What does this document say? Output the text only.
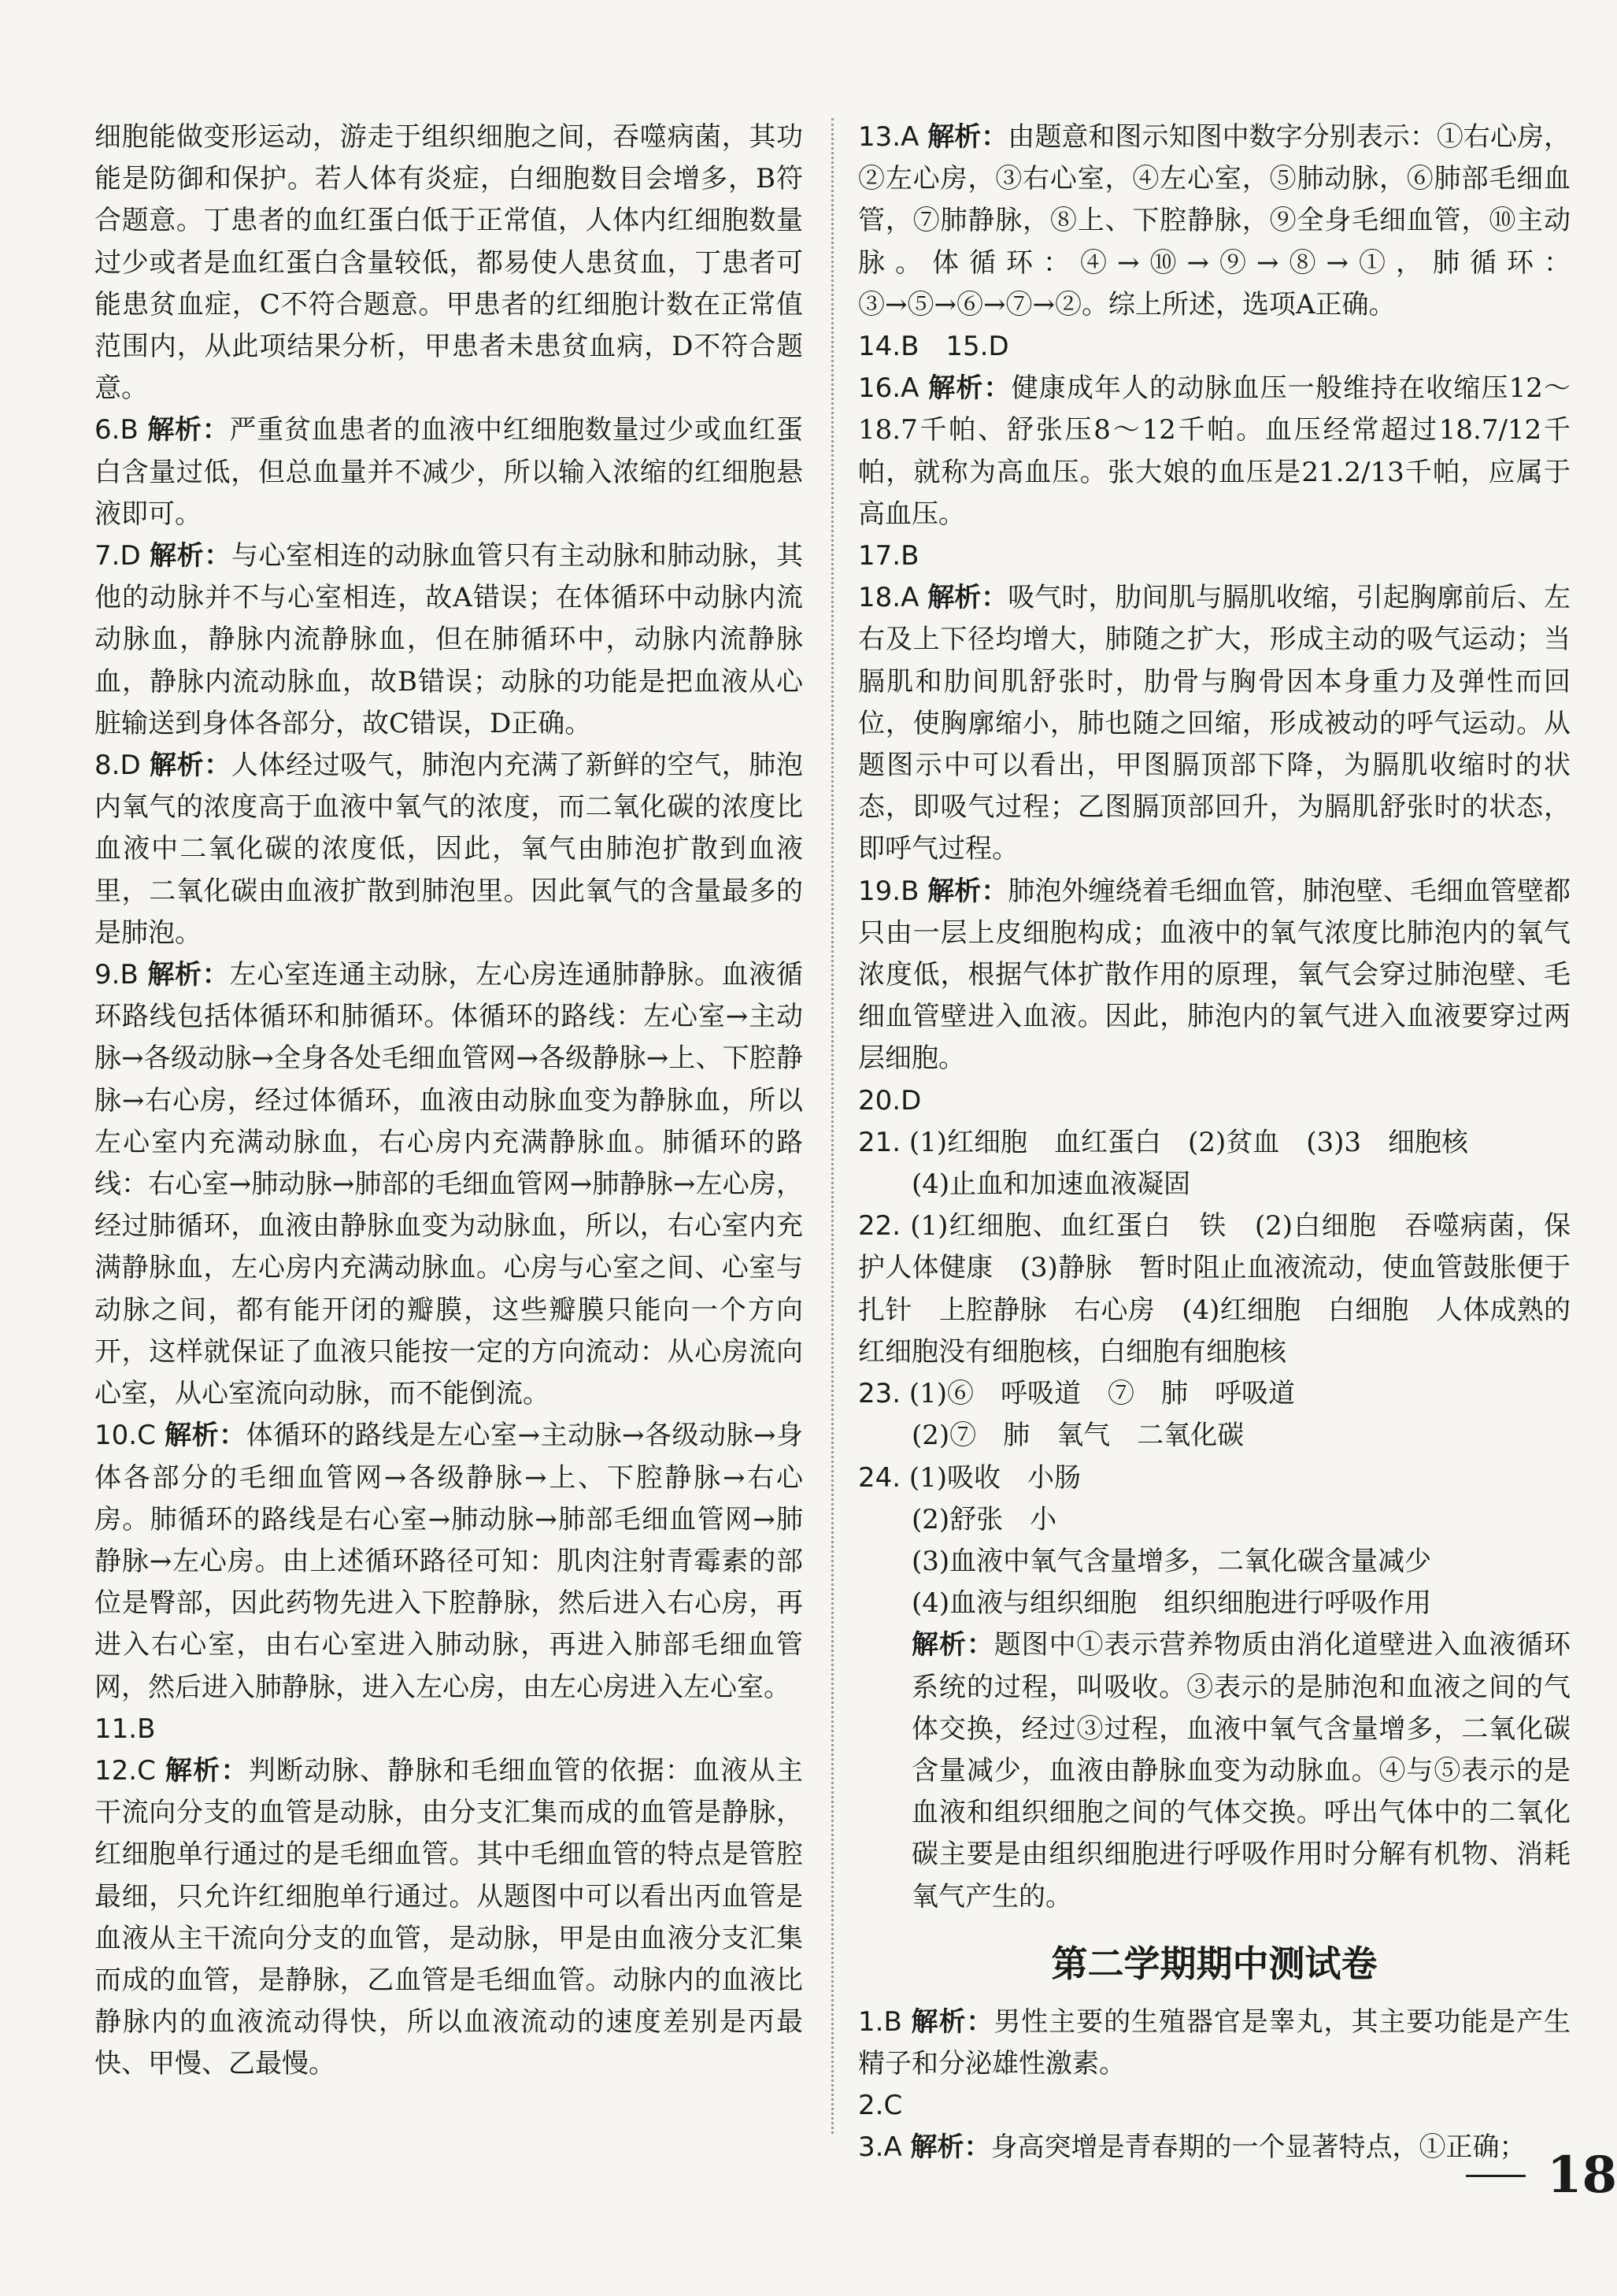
细胞能做变形运动，游走于组织细胞之间，吞噬病菌，其功能是防御和保护。若人体有炎症，白细胞数目会增多，B符合题意。丁患者的血红蛋白低于正常值，人体内红细胞数量过少或者是血红蛋白含量较低，都易使人患贫血，丁患者可能患贫血症，C不符合题意。甲患者的红细胞计数在正常值范围内，从此项结果分析，甲患者未患贫血病，D不符合题意。

6.B 解析：严重贫血患者的血液中红细胞数量过少或血红蛋白含量过低，但总血量并不减少，所以输入浓缩的红细胞悬液即可。

7.D 解析：与心室相连的动脉血管只有主动脉和肺动脉，其他的动脉并不与心室相连，故A错误；在体循环中动脉内流动脉血，静脉内流静脉血，但在肺循环中，动脉内流静脉血，静脉内流动脉血，故B错误；动脉的功能是把血液从心脏输送到身体各部分，故C错误，D正确。

8.D 解析：人体经过吸气，肺泡内充满了新鲜的空气，肺泡内氧气的浓度高于血液中氧气的浓度，而二氧化碳的浓度比血液中二氧化碳的浓度低，因此，氧气由肺泡扩散到血液里，二氧化碳由血液扩散到肺泡里。因此氧气的含量最多的是肺泡。

9.B 解析：左心室连通主动脉，左心房连通肺静脉。血液循环路线包括体循环和肺循环。体循环的路线：左心室→主动脉→各级动脉→全身各处毛细血管网→各级静脉→上、下腔静脉→右心房，经过体循环，血液由动脉血变为静脉血，所以左心室内充满动脉血，右心房内充满静脉血。肺循环的路线：右心室→肺动脉→肺部的毛细血管网→肺静脉→左心房，经过肺循环，血液由静脉血变为动脉血，所以，右心室内充满静脉血，左心房内充满动脉血。心房与心室之间、心室与动脉之间，都有能开闭的瓣膜，这些瓣膜只能向一个方向开，这样就保证了血液只能按一定的方向流动：从心房流向心室，从心室流向动脉，而不能倒流。

10.C 解析：体循环的路线是左心室→主动脉→各级动脉→身体各部分的毛细血管网→各级静脉→上、下腔静脉→右心房。肺循环的路线是右心室→肺动脉→肺部毛细血管网→肺静脉→左心房。由上述循环路径可知：肌肉注射青霉素的部位是臀部，因此药物先进入下腔静脉，然后进入右心房，再进入右心室，由右心室进入肺动脉，再进入肺部毛细血管网，然后进入肺静脉，进入左心房，由左心房进入左心室。

11.B

12.C 解析：判断动脉、静脉和毛细血管的依据：血液从主干流向分支的血管是动脉，由分支汇集而成的血管是静脉，红细胞单行通过的是毛细血管。其中毛细血管的特点是管腔最细，只允许红细胞单行通过。从题图中可以看出丙血管是血液从主干流向分支的血管，是动脉，甲是由血液分支汇集而成的血管，是静脉，乙血管是毛细血管。动脉内的血液比静脉内的血液流动得快，所以血液流动的速度差别是丙最快、甲慢、乙最慢。

13.A 解析：由题意和图示知图中数字分别表示：①右心房，②左心房，③右心室，④左心室，⑤肺动脉，⑥肺部毛细血管，⑦肺静脉，⑧上、下腔静脉，⑨全身毛细血管，⑩主动脉。体循环：④→⑩→⑨→⑧→①，肺循环：③→⑤→⑥→⑦→②。综上所述，选项A正确。

14.B　15.D

16.A 解析：健康成年人的动脉血压一般维持在收缩压12～18.7千帕、舒张压8～12千帕。血压经常超过18.7/12千帕，就称为高血压。张大娘的血压是21.2/13千帕，应属于高血压。

17.B

18.A 解析：吸气时，肋间肌与膈肌收缩，引起胸廓前后、左右及上下径均增大，肺随之扩大，形成主动的吸气运动；当膈肌和肋间肌舒张时，肋骨与胸骨因本身重力及弹性而回位，使胸廓缩小，肺也随之回缩，形成被动的呼气运动。从题图示中可以看出，甲图膈顶部下降，为膈肌收缩时的状态，即吸气过程；乙图膈顶部回升，为膈肌舒张时的状态，即呼气过程。

19.B 解析：肺泡外缠绕着毛细血管，肺泡壁、毛细血管壁都只由一层上皮细胞构成；血液中的氧气浓度比肺泡内的氧气浓度低，根据气体扩散作用的原理，氧气会穿过肺泡壁、毛细血管壁进入血液。因此，肺泡内的氧气进入血液要穿过两层细胞。

20.D

21. (1)红细胞　血红蛋白　(2)贫血　(3)3　细胞核

(4)止血和加速血液凝固

22. (1)红细胞、血红蛋白　铁　(2)白细胞　吞噬病菌，保护人体健康　(3)静脉　暂时阻止血液流动，使血管鼓胀便于扎针　上腔静脉　右心房　(4)红细胞　白细胞　人体成熟的红细胞没有细胞核，白细胞有细胞核

23. (1)⑥　呼吸道　⑦　肺　呼吸道

(2)⑦　肺　氧气　二氧化碳

24. (1)吸收　小肠

(2)舒张　小

(3)血液中氧气含量增多，二氧化碳含量减少

(4)血液与组织细胞　组织细胞进行呼吸作用

解析：题图中①表示营养物质由消化道壁进入血液循环系统的过程，叫吸收。③表示的是肺泡和血液之间的气体交换，经过③过程，血液中氧气含量增多，二氧化碳含量减少，血液由静脉血变为动脉血。④与⑤表示的是血液和组织细胞之间的气体交换。呼出气体中的二氧化碳主要是由组织细胞进行呼吸作用时分解有机物、消耗氧气产生的。

第二学期期中测试卷

1.B 解析：男性主要的生殖器官是睾丸，其主要功能是产生精子和分泌雄性激素。

2.C

3.A 解析：身高突增是青春期的一个显著特点，①正确； 18
